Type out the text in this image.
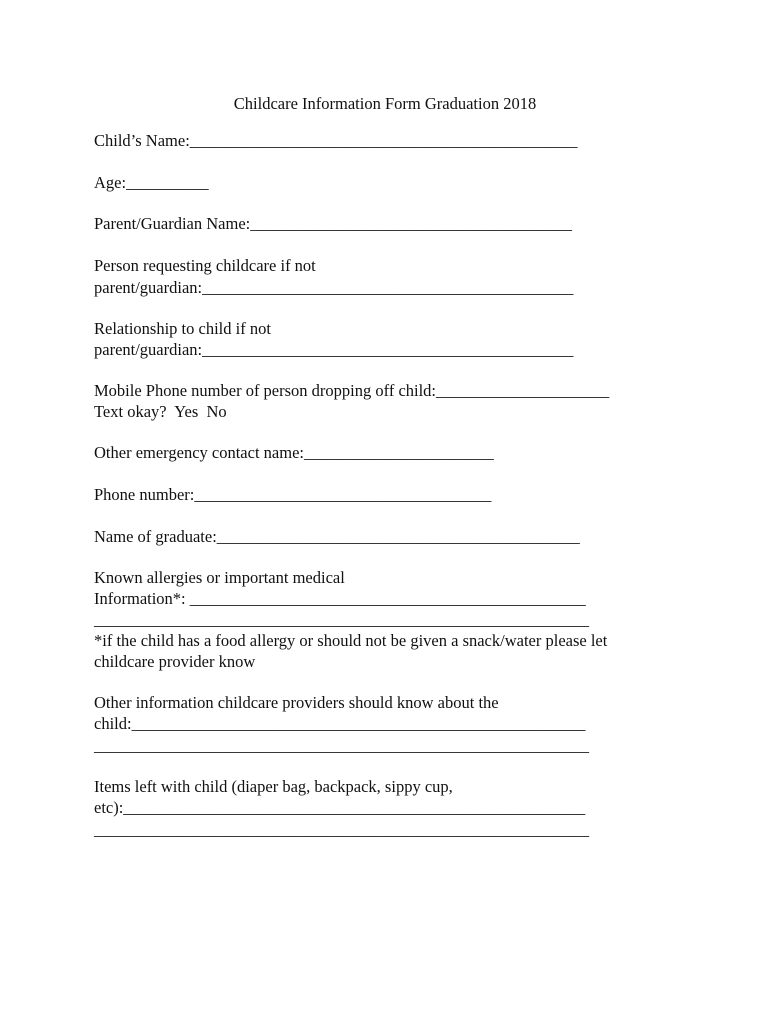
Childcare Information Form Graduation 2018
Child’s Name:_______________________________________________
Age:__________
Parent/Guardian Name:_______________________________________
Person requesting childcare if not
parent/guardian:_____________________________________________
Relationship to child if not
parent/guardian:_____________________________________________
Mobile Phone number of person dropping off child:_____________________
Text okay?  Yes  No
Other emergency contact name:_______________________
Phone number:____________________________________
Name of graduate:____________________________________________
Known allergies or important medical
Information*: ________________________________________________
____________________________________________________________
*if the child has a food allergy or should not be given a snack/water please let
childcare provider know
Other information childcare providers should know about the
child:_______________________________________________________
____________________________________________________________
Items left with child (diaper bag, backpack, sippy cup,
etc):________________________________________________________
____________________________________________________________
